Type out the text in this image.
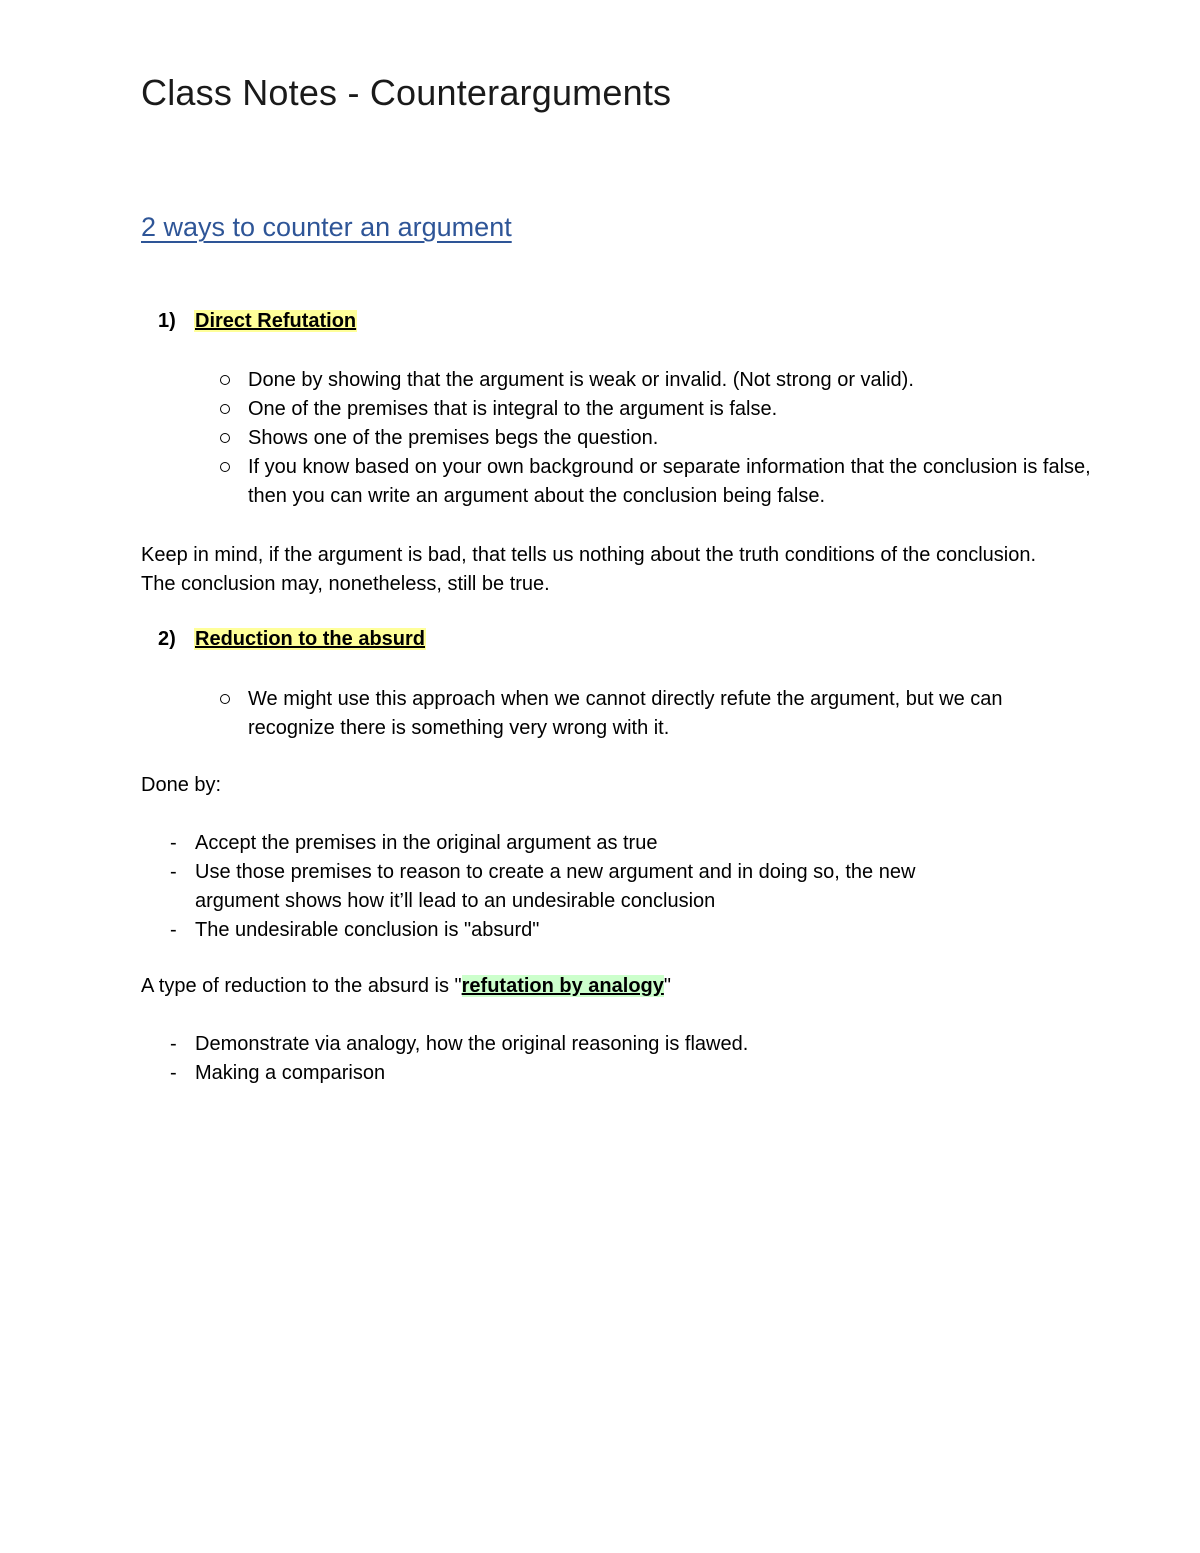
Class Notes - Counterarguments
2 ways to counter an argument
1) Direct Refutation
Done by showing that the argument is weak or invalid. (Not strong or valid).
One of the premises that is integral to the argument is false.
Shows one of the premises begs the question.
If you know based on your own background or separate information that the conclusion is false, then you can write an argument about the conclusion being false.
Keep in mind, if the argument is bad, that tells us nothing about the truth conditions of the conclusion. The conclusion may, nonetheless, still be true.
2) Reduction to the absurd
We might use this approach when we cannot directly refute the argument, but we can recognize there is something very wrong with it.
Done by:
- Accept the premises in the original argument as true
- Use those premises to reason to create a new argument and in doing so, the new argument shows how it’ll lead to an undesirable conclusion
- The undesirable conclusion is "absurd"
A type of reduction to the absurd is "refutation by analogy"
- Demonstrate via analogy, how the original reasoning is flawed.
- Making a comparison
